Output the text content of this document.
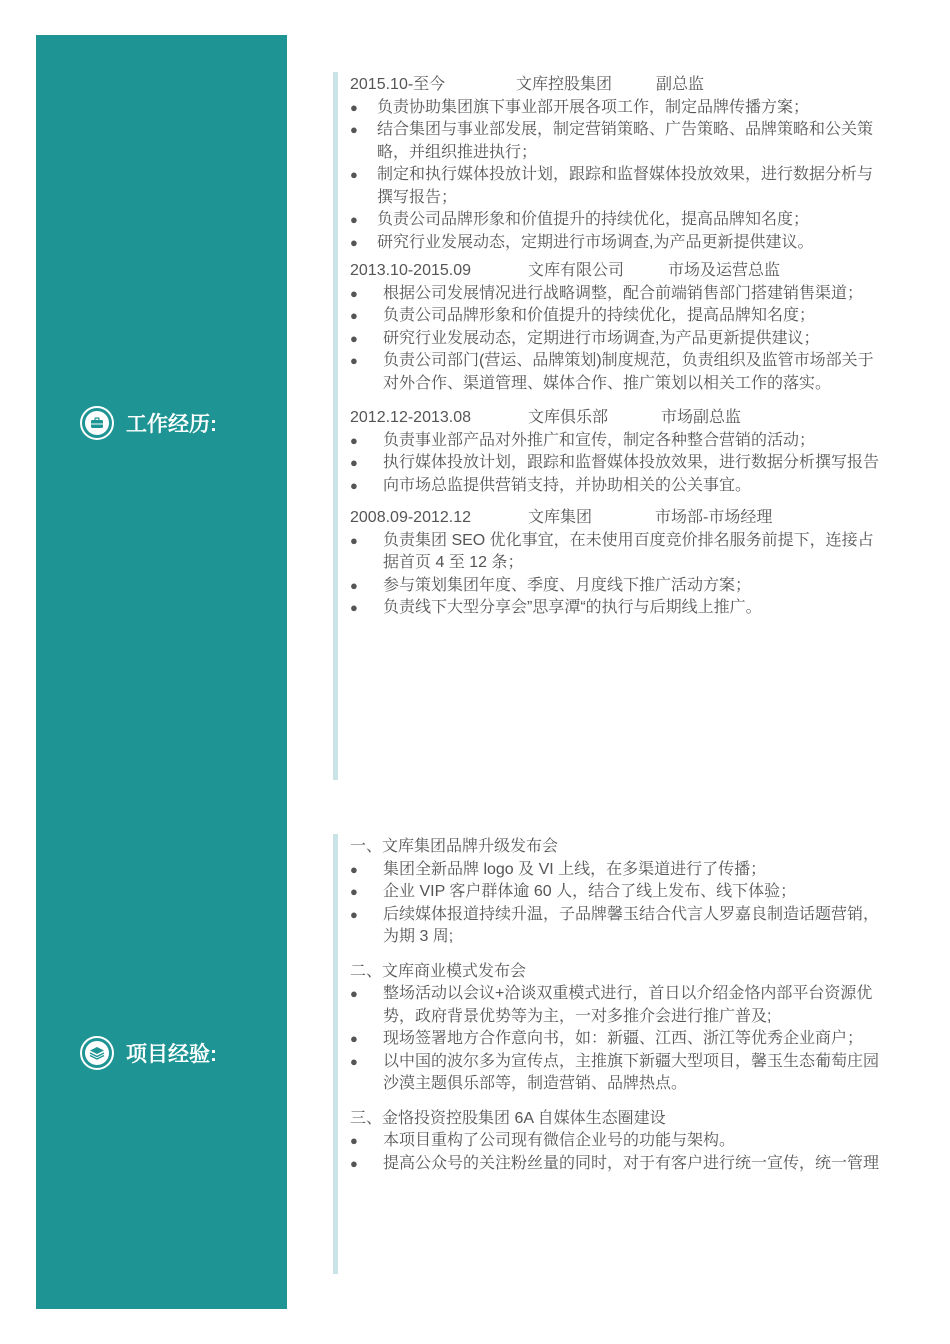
工作经历:
项目经验:
2015.10-至今	文库控股集团	副总监
● 负责协助集团旗下事业部开展各项工作，制定品牌传播方案；
● 结合集团与事业部发展，制定营销策略、广告策略、品牌策略和公关策
略，并组织推进执行；
● 制定和执行媒体投放计划，跟踪和监督媒体投放效果，进行数据分析与
撰写报告；
● 负责公司品牌形象和价值提升的持续优化，提高品牌知名度；
● 研究行业发展动态，定期进行市场调查,为产品更新提供建议。
2013.10-2015.09	文库有限公司	市场及运营总监
● 根据公司发展情况进行战略调整，配合前端销售部门搭建销售渠道；
● 负责公司品牌形象和价值提升的持续优化，提高品牌知名度；
● 研究行业发展动态，定期进行市场调查,为产品更新提供建议；
● 负责公司部门(营运、品牌策划)制度规范，负责组织及监管市场部关于
对外合作、渠道管理、媒体合作、推广策划以相关工作的落实。
2012.12-2013.08	文库俱乐部	市场副总监
● 负责事业部产品对外推广和宣传，制定各种整合营销的活动；
● 执行媒体投放计划，跟踪和监督媒体投放效果，进行数据分析撰写报告
● 向市场总监提供营销支持，并协助相关的公关事宜。
2008.09-2012.12	文库集团	市场部-市场经理
● 负责集团 SEO 优化事宜，在未使用百度竞价排名服务前提下，连接占
据首页 4 至 12 条；
● 参与策划集团年度、季度、月度线下推广活动方案；
● 负责线下大型分享会”思享潭“的执行与后期线上推广。
一、文库集团品牌升级发布会
● 集团全新品牌 logo 及 VI 上线，在多渠道进行了传播；
● 企业 VIP 客户群体逾 60 人，结合了线上发布、线下体验；
● 后续媒体报道持续升温，子品牌馨玉结合代言人罗嘉良制造话题营销，
为期 3 周;
二、文库商业模式发布会
● 整场活动以会议+洽谈双重模式进行，首日以介绍金恪内部平台资源优
势，政府背景优势等为主，一对多推介会进行推广普及;
● 现场签署地方合作意向书，如：新疆、江西、浙江等优秀企业商户；
● 以中国的波尔多为宣传点，主推旗下新疆大型项目，馨玉生态葡萄庄园
沙漠主题俱乐部等，制造营销、品牌热点。
三、金恪投资控股集团 6A 自媒体生态圈建设
● 本项目重构了公司现有微信企业号的功能与架构。
● 提高公众号的关注粉丝量的同时，对于有客户进行统一宣传，统一管理
